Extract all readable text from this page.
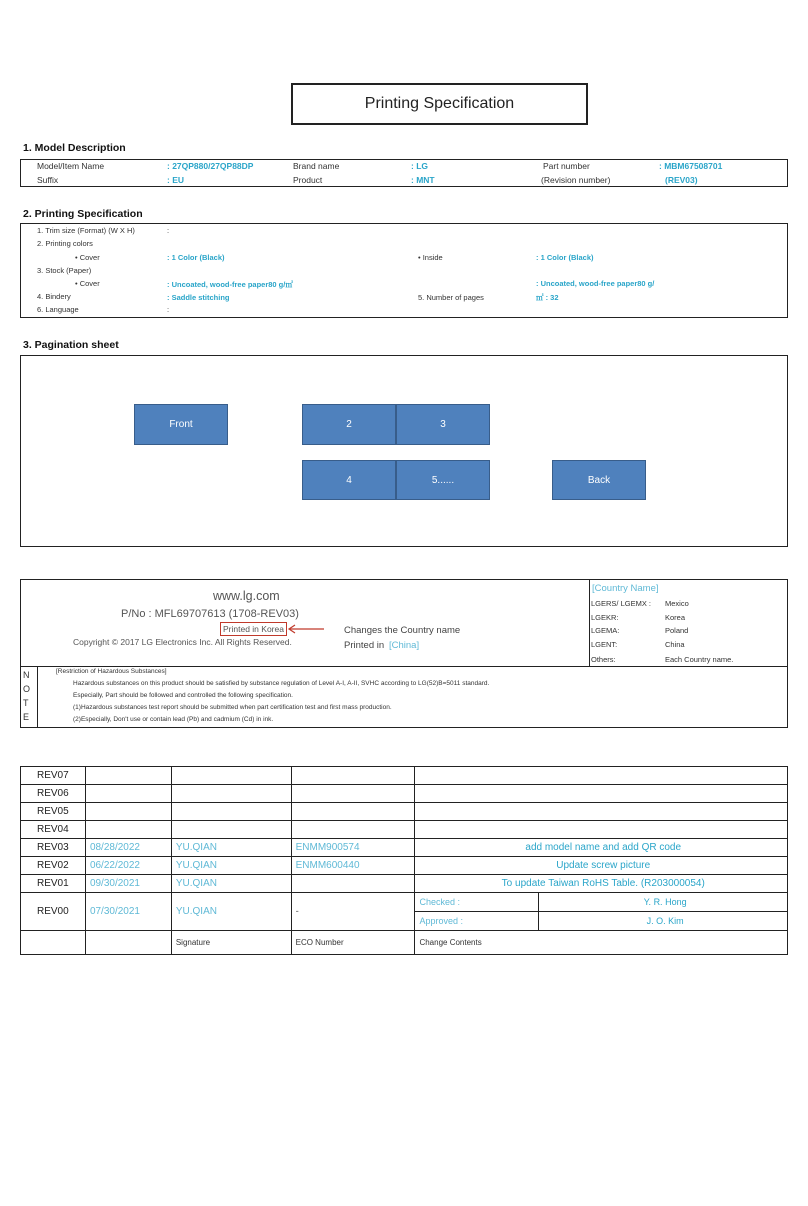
Printing Specification
1. Model Description
Model/Item Name	: 27QP880/27QP88DP	Brand name	: LG	Part number	: MBM67508701
Suffix	: EU	Product	: MNT	(Revision number)	(REV03)
2. Printing Specification
1. Trim size (Format) (W X H)	:
2. Printing colors
• Cover	: 1 Color (Black)	• Inside	: 1 Color (Black)
3. Stock (Paper)
• Cover	: Uncoated, wood-free paper80 g/㎡	: Uncoated, wood-free paper80 g/
4. Bindery	: Saddle stitching	5. Number of pages	㎡ : 32
6. Language	:
3. Pagination sheet
Front	2	3
4	5......	Back
www.lg.com
P/No : MFL69707613 (1708-REV03)
Printed in Korea
Copyright © 2017 LG Electronics Inc. All Rights Reserved.
Changes the Country name
Printed in [China]
[Country Name]
LGERS/ LGEMX : Mexico
LGEKR:	Korea
LGEMA:	Poland
LGENT:	China
Others:	Each Country name.
N
O
T
E
[Restriction of Hazardous Substances]
Hazardous substances on this product should be satisfied by substance regulation of Level A-I, A-II, SVHC according to LG(52)B=5011 standard.
Especially, Part should be followed and controlled the following specification.
(1)Hazardous substances test report should be submitted when part certification test and first mass production.
(2)Especially, Don't use or contain lead (Pb) and cadmium (Cd) in ink.
REV07					
REV06					
REV05					
REV04					
REV03	08/28/2022	YU.QIAN	ENMM900574	add model name and add QR code	
REV02	06/22/2022	YU.QIAN	ENMM600440	Update screw picture	
REV01	09/30/2021	YU.QIAN		To update Taiwan RoHS Table. (R203000054)	
REV00	07/30/2021	YU.QIAN	-	Checked :	Y. R. Hong
				Approved :	J. O. Kim
		Signature	ECO Number	Change Contents	
